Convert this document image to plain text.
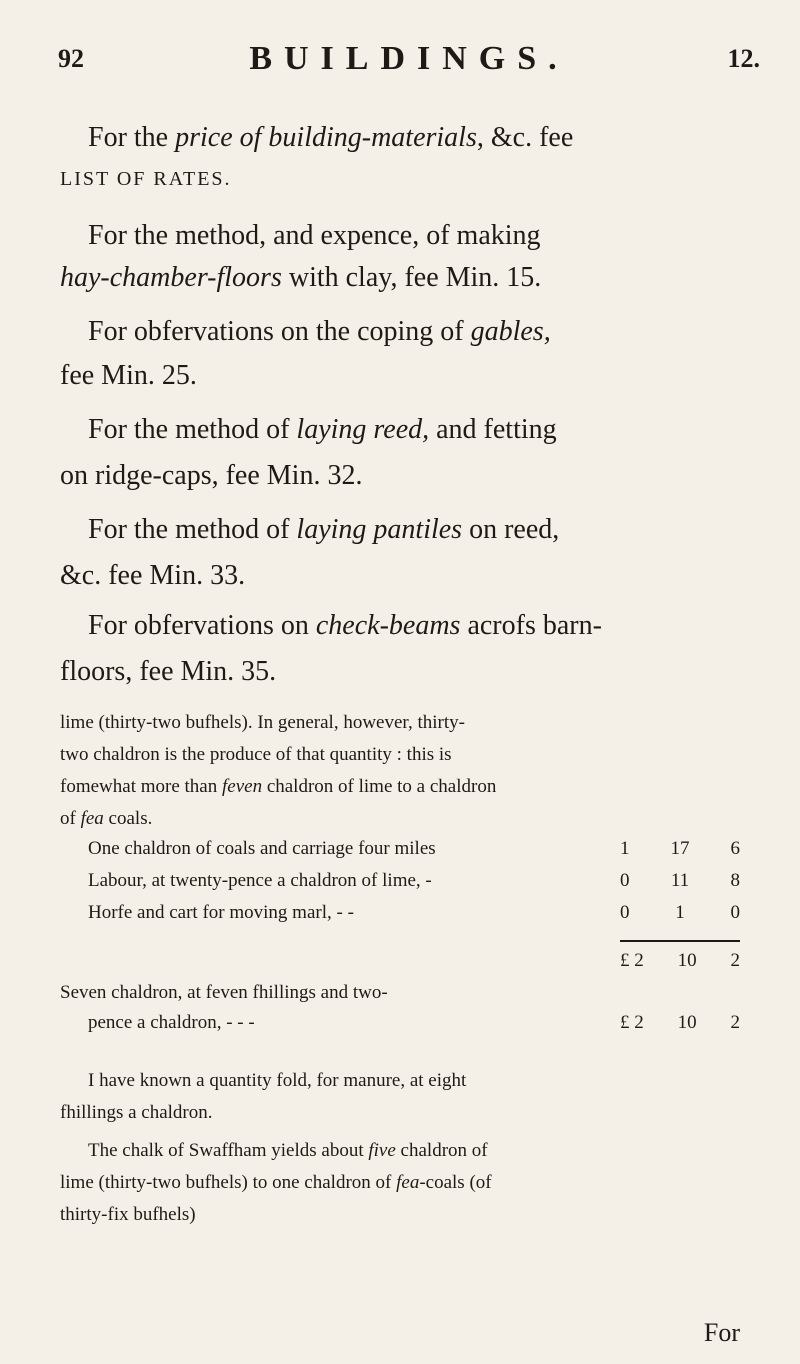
92	BUILDINGS.	12.
For the price of building-materials, &c. fee
LIST OF RATES.
For the method, and expence, of making
hay-chamber-floors with clay, fee Min. 15.
For obfervations on the coping of gables,
fee Min. 25.
For the method of laying reed, and fetting
on ridge-caps, fee Min. 32.
For the method of laying pantiles on reed,
&c. fee Min. 33.
For obfervations on check-beams acrofs barn-
floors, fee Min. 35.
lime (thirty-two bufhels). In general, however, thirty-
two chaldron is the produce of that quantity : this is
fomewhat more than feven chaldron of lime to a chaldron
of fea coals.
One chaldron of coals and carriage four miles	1 17 6
Labour, at twenty-pence a chaldron of lime, -	0 11 8
Horfe and cart for moving marl, - -	0 1 0
£ 2 10 2
Seven chaldron, at feven fhillings and two-
pence a chaldron, - - -	£ 2 10 2
I have known a quantity fold, for manure, at eight
fhillings a chaldron.
The chalk of Swaffham yields about five chaldron of
lime (thirty-two bufhels) to one chaldron of fea-coals (of
thirty-fix bufhels)
For
